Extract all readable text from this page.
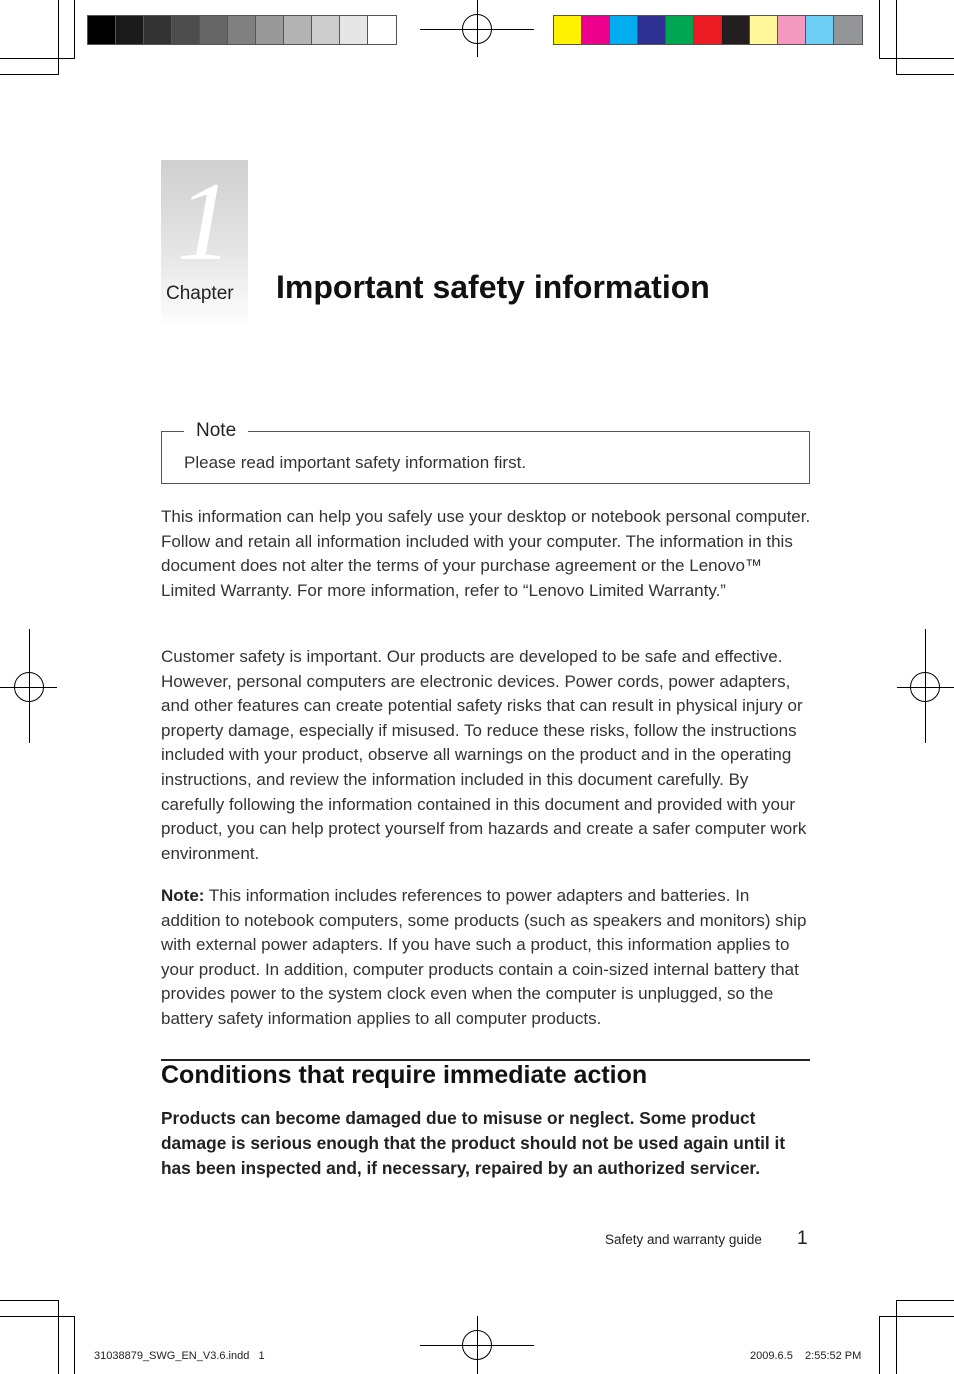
1
Chapter Important safety information
Note
Please read important safety information first.
This information can help you safely use your desktop or notebook personal computer. Follow and retain all information included with your computer. The information in this document does not alter the terms of your purchase agreement or the Lenovo™ Limited Warranty. For more information, refer to “Lenovo Limited Warranty.”
Customer safety is important. Our products are developed to be safe and effective. However, personal computers are electronic devices. Power cords, power adapters, and other features can create potential safety risks that can result in physical injury or property damage, especially if misused. To reduce these risks, follow the instructions included with your product, observe all warnings on the product and in the operating instructions, and review the information included in this document carefully. By carefully following the information contained in this document and provided with your product, you can help protect yourself from hazards and create a safer computer work environment.
Note: This information includes references to power adapters and batteries. In addition to notebook computers, some products (such as speakers and monitors) ship with external power adapters. If you have such a product, this information applies to your product. In addition, computer products contain a coin-sized internal battery that provides power to the system clock even when the computer is unplugged, so the battery safety information applies to all computer products.
Conditions that require immediate action
Products can become damaged due to misuse or neglect. Some product damage is serious enough that the product should not be used again until it has been inspected and, if necessary, repaired by an authorized servicer.
Safety and warranty guide 1
31038879_SWG_EN_V3.6.indd   1	2009.6.5    2:55:52 PM
